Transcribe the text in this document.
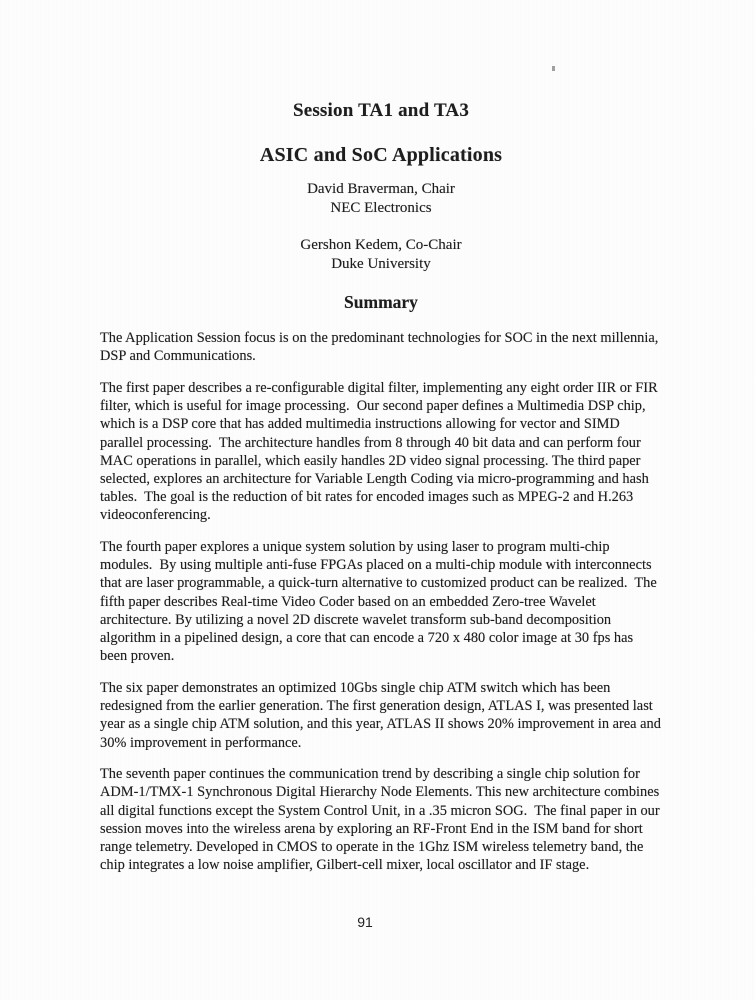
Session TA1 and TA3
ASIC and SoC Applications
David Braverman, Chair
NEC Electronics
Gershon Kedem, Co-Chair
Duke University
Summary

The Application Session focus is on the predominant technologies for SOC in the next millennia, DSP and Communications.

The first paper describes a re-configurable digital filter, implementing any eight order IIR or FIR filter, which is useful for image processing.  Our second paper defines a Multimedia DSP chip, which is a DSP core that has added multimedia instructions allowing for vector and SIMD parallel processing.  The architecture handles from 8 through 40 bit data and can perform four MAC operations in parallel, which easily handles 2D video signal processing. The third paper selected, explores an architecture for Variable Length Coding via micro-programming and hash tables.  The goal is the reduction of bit rates for encoded images such as MPEG-2 and H.263 videoconferencing.

The fourth paper explores a unique system solution by using laser to program multi-chip modules.  By using multiple anti-fuse FPGAs placed on a multi-chip module with interconnects that are laser programmable, a quick-turn alternative to customized product can be realized.  The fifth paper describes Real-time Video Coder based on an embedded Zero-tree Wavelet architecture. By utilizing a novel 2D discrete wavelet transform sub-band decomposition algorithm in a pipelined design, a core that can encode a 720 x 480 color image at 30 fps has been proven.

The six paper demonstrates an optimized 10Gbs single chip ATM switch which has been redesigned from the earlier generation. The first generation design, ATLAS I, was presented last year as a single chip ATM solution, and this year, ATLAS II shows 20% improvement in area and 30% improvement in performance.

The seventh paper continues the communication trend by describing a single chip solution for ADM-1/TMX-1 Synchronous Digital Hierarchy Node Elements. This new architecture combines all digital functions except the System Control Unit, in a .35 micron SOG.  The final paper in our session moves into the wireless arena by exploring an RF-Front End in the ISM band for short range telemetry. Developed in CMOS to operate in the 1Ghz ISM wireless telemetry band, the chip integrates a low noise amplifier, Gilbert-cell mixer, local oscillator and IF stage.

91
